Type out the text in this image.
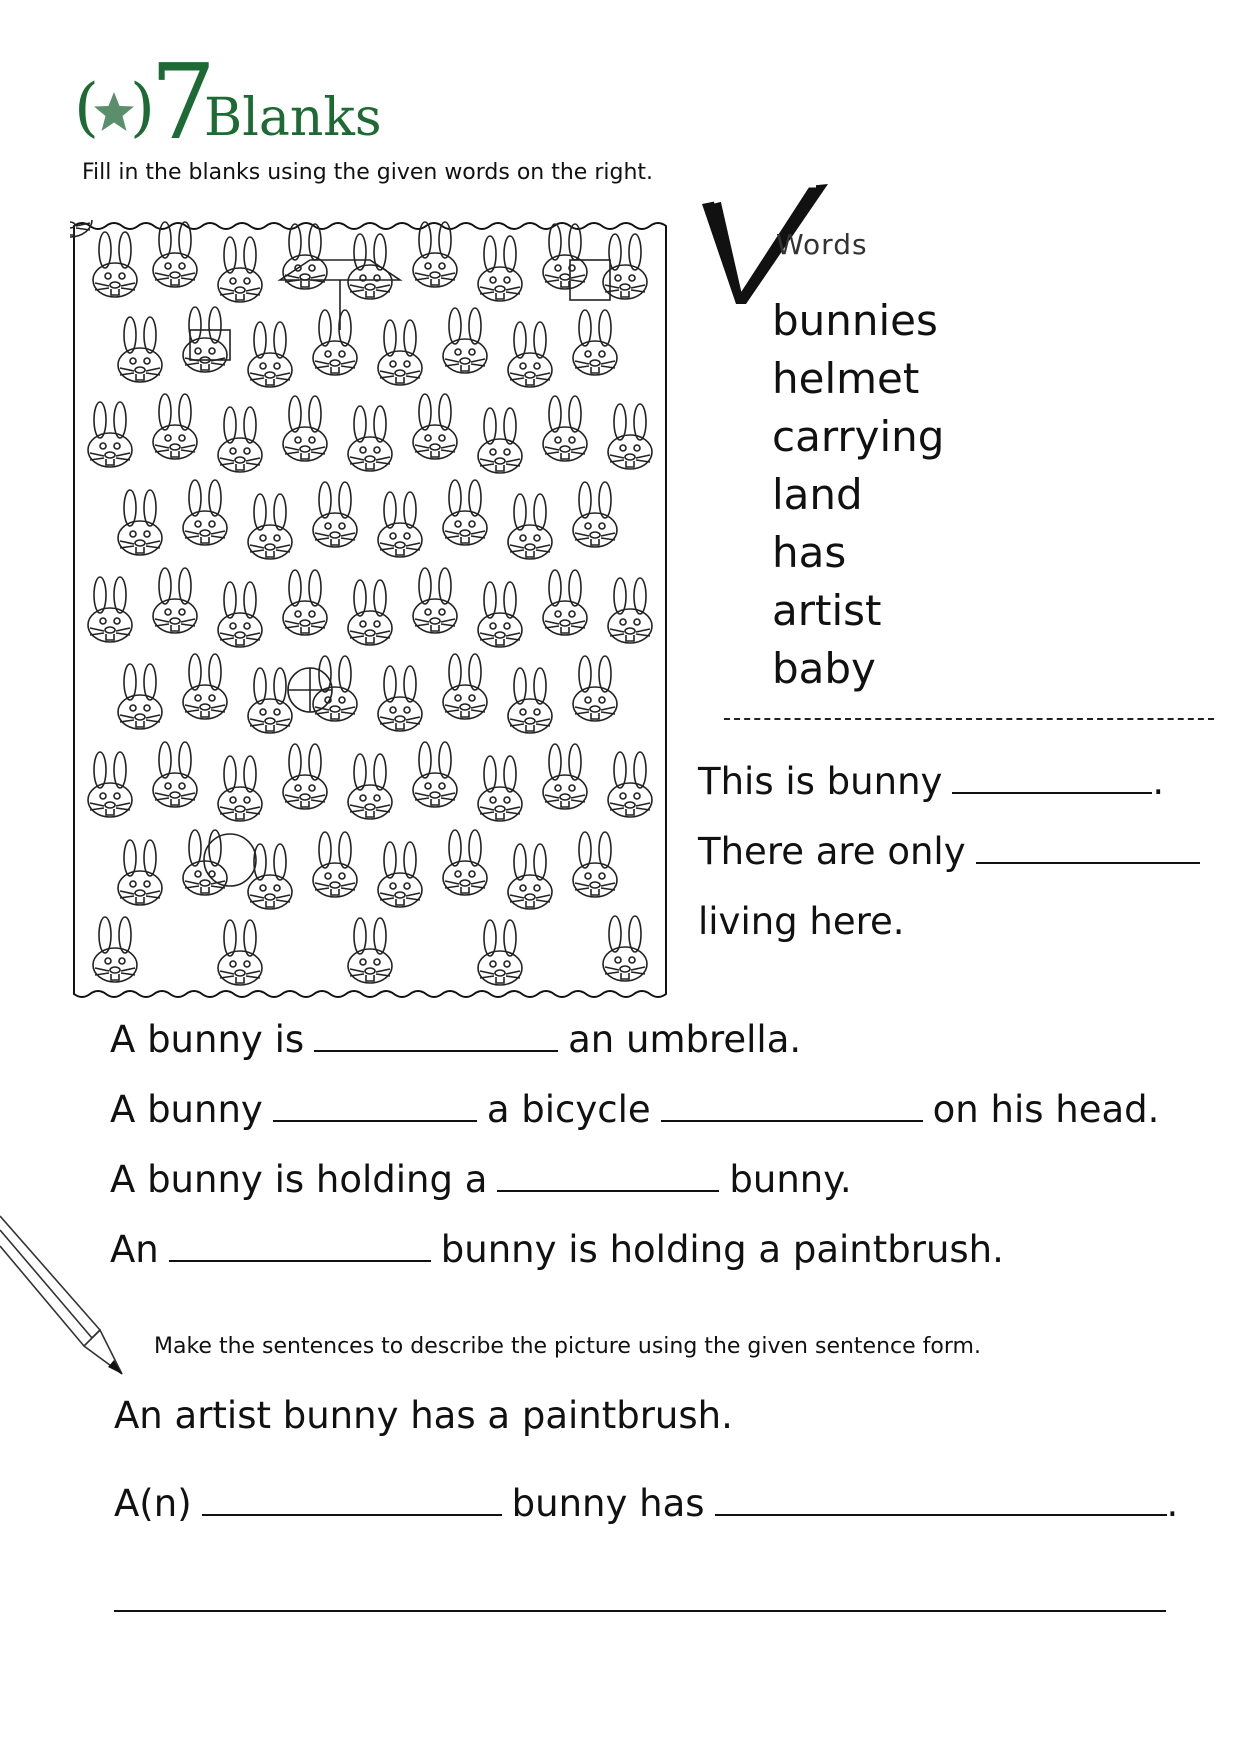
( )
7
Blanks
Fill in the blanks using the given words on the right.
Words
bunnies
helmet
carrying
land
has
artist
baby
This is bunny	.
There are only
living here.
A bunny is	an umbrella.
A bunny	a bicycle	on his head.
A bunny is holding a	bunny.
An	bunny is holding a paintbrush.
Make the sentences to describe the picture using the given sentence form.
An artist bunny has a paintbrush.
A(n)	bunny has	.
